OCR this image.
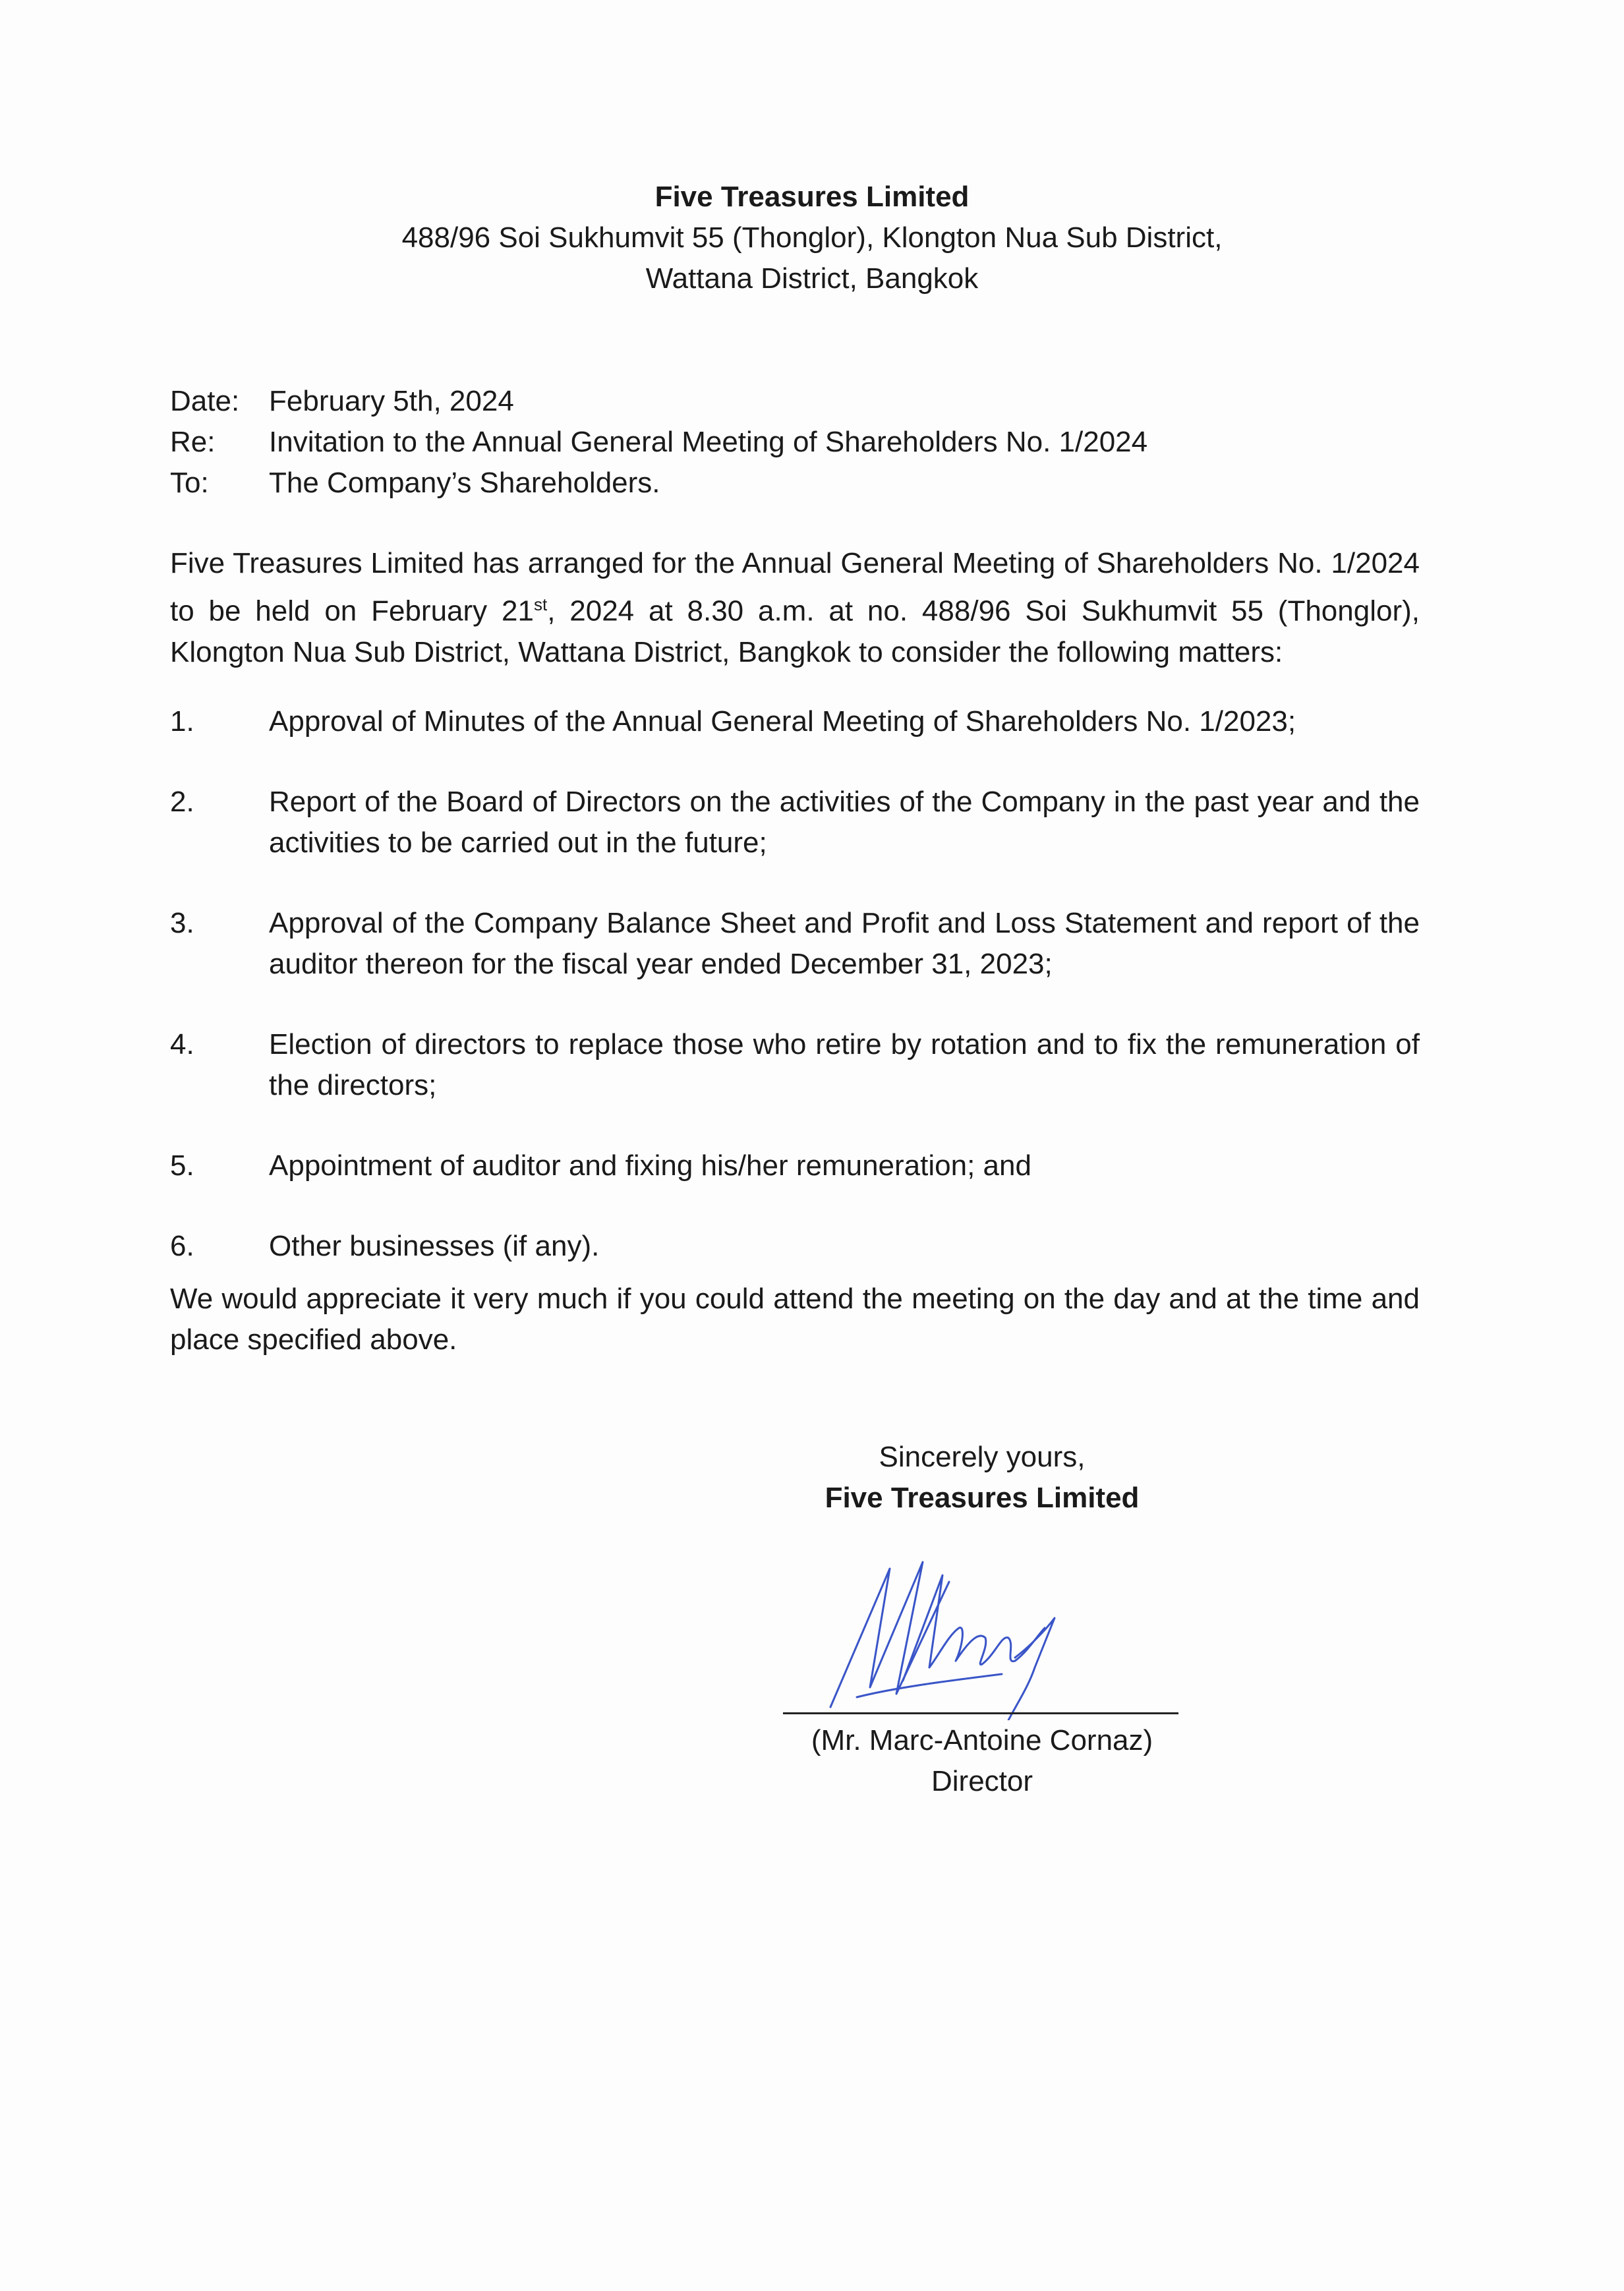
Five Treasures Limited
488/96 Soi Sukhumvit 55 (Thonglor), Klongton Nua Sub District,
Wattana District, Bangkok
Date:	February 5th, 2024
Re:	Invitation to the Annual General Meeting of Shareholders No. 1/2024
To:	The Company’s Shareholders.
Five Treasures Limited has arranged for the Annual General Meeting of Shareholders No. 1/2024 to be held on February 21st, 2024 at 8.30 a.m. at no. 488/96 Soi Sukhumvit 55 (Thonglor), Klongton Nua Sub District, Wattana District, Bangkok to consider the following matters:
1.	Approval of Minutes of the Annual General Meeting of Shareholders No. 1/2023;
2.	Report of the Board of Directors on the activities of the Company in the past year and the activities to be carried out in the future;
3.	Approval of the Company Balance Sheet and Profit and Loss Statement and report of the auditor thereon for the fiscal year ended December 31, 2023;
4.	Election of directors to replace those who retire by rotation and to fix the remuneration of the directors;
5.	Appointment of auditor and fixing his/her remuneration; and
6.	Other businesses (if any).
We would appreciate it very much if you could attend the meeting on the day and at the time and place specified above.
Sincerely yours,
Five Treasures Limited
(Mr. Marc-Antoine Cornaz)
Director
